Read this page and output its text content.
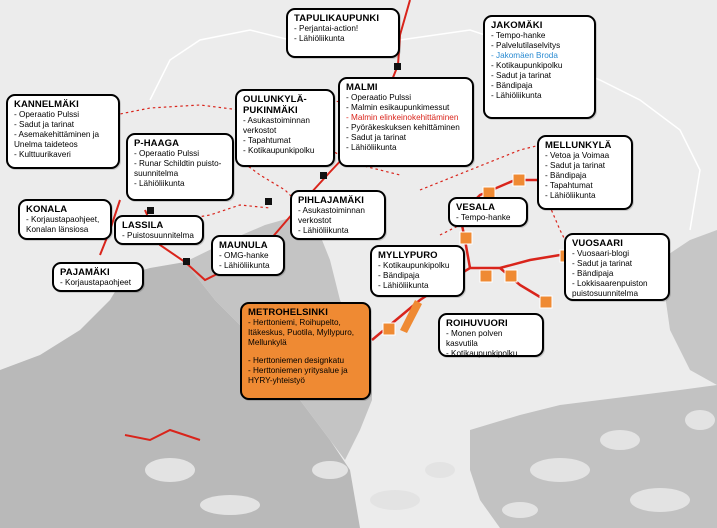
TAPULIKAUPUNKI
- Perjantai-action!
- Lähiöliikunta
JAKOMÄKI
- Tempo-hanke
- Palvelutilaselvitys
- Jakomäen Broda
- Kotikaupunkipolku
- Sadut ja tarinat
- Bändipaja
- Lähiöliikunta
KANNELMÄKI
- Operaatio Pulssi
- Sadut ja tarinat
- Asemakehittäminen ja Unelma taideteos
- Kulttuurikaveri
OULUNKYLÄ-
PUKINMÄKI
- Asukastoiminnan verkostot
- Tapahtumat
- Kotikaupunkipolku
MALMI
- Operaatio Pulssi
- Malmin esikaupunkimessut
- Malmin elinkeinokehittäminen
- Pyöräkeskuksen kehittäminen
- Sadut ja tarinat
- Lähiöliikunta
P-HAAGA
- Operaatio Pulssi
- Runar Schildtin puisto-suunnitelma
- Lähiöliikunta
MELLUNKYLÄ
- Vetoa ja Voimaa
- Sadut ja tarinat
- Bändipaja
- Tapahtumat
- Lähiöliikunta
KONALA
- Korjaustapaohjeet, Konalan länsiosa	LASSILA
- Puistosuunnitelma
PIHLAJAMÄKI
- Asukastoiminnan verkostot
- Lähiöliikunta
VESALA
- Tempo-hanke
VUOSAARI
- Vuosaari-blogi
- Sadut ja tarinat
- Bändipaja
- Lokkisaarenpuiston puistosuunnitelma
MAUNULA
- OMG-hanke
- Lähiöliikunta
MYLLYPURO
- Kotikaupunkipolku
- Bändipaja
- Lähiöliikunta
PAJAMÄKI
- Korjaustapaohjeet
ROIHUVUORI
- Monen polven kasvutila
- Kotikaupunkipolku
METROHELSINKI
- Herttoniemi, Roihupelto, Itäkeskus, Puotila, Myllypuro, Mellunkylä
- Herttoniemen designkatu
- Herttoniemen yritysalue ja HYRY-yhteistyö
